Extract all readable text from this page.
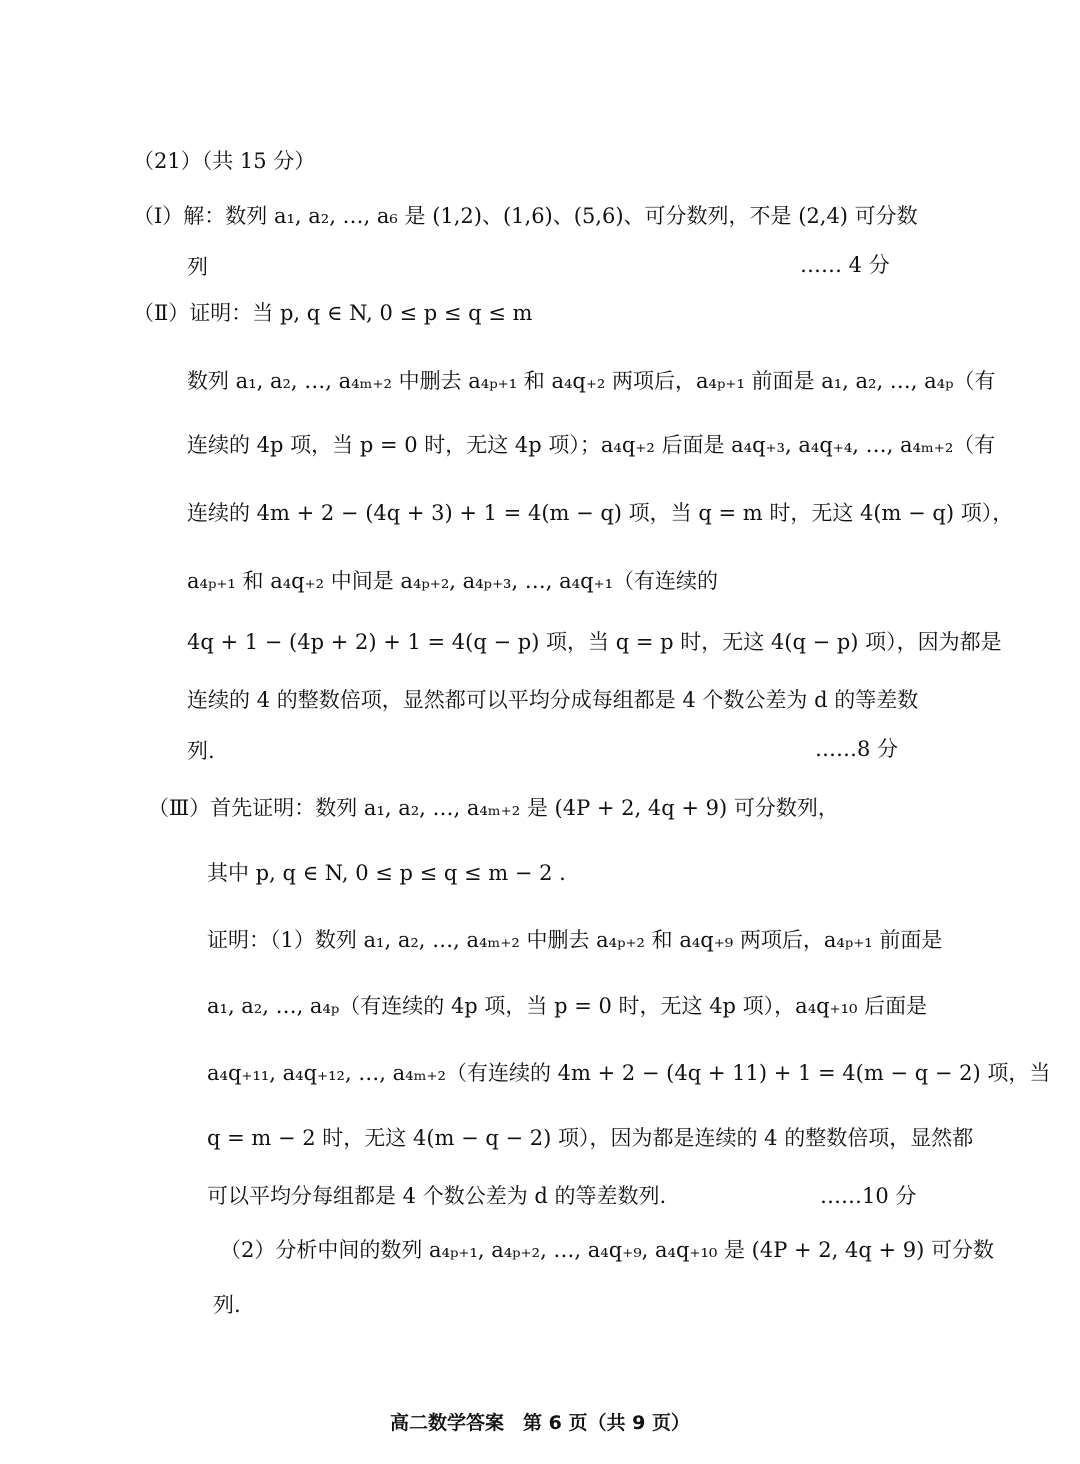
（21）（共 15 分）
（Ⅰ）解：数列 a₁, a₂, …, a₆ 是 (1,2)、(1,6)、(5,6)、可分数列，不是 (2,4) 可分数
列	…… 4 分
（Ⅱ）证明：当 p, q ∈ N, 0 ≤ p ≤ q ≤ m
数列 a₁, a₂, …, a₄ₘ₊₂ 中删去 a₄ₚ₊₁ 和 a₄q₊₂ 两项后，a₄ₚ₊₁ 前面是 a₁, a₂, …, a₄ₚ（有
连续的 4p 项，当 p = 0 时，无这 4p 项）；a₄q₊₂ 后面是 a₄q₊₃, a₄q₊₄, …, a₄ₘ₊₂（有
连续的 4m + 2 − (4q + 3) + 1 = 4(m − q) 项，当 q = m 时，无这 4(m − q) 项），
a₄ₚ₊₁ 和 a₄q₊₂ 中间是 a₄ₚ₊₂, a₄ₚ₊₃, …, a₄q₊₁（有连续的
4q + 1 − (4p + 2) + 1 = 4(q − p) 项，当 q = p 时，无这 4(q − p) 项），因为都是
连续的 4 的整数倍项，显然都可以平均分成每组都是 4 个数公差为 d 的等差数
列.	……8 分
（Ⅲ）首先证明：数列 a₁, a₂, …, a₄ₘ₊₂ 是 (4P + 2, 4q + 9) 可分数列，
其中 p, q ∈ N, 0 ≤ p ≤ q ≤ m − 2 .
证明：（1）数列 a₁, a₂, …, a₄ₘ₊₂ 中删去 a₄ₚ₊₂ 和 a₄q₊₉ 两项后，a₄ₚ₊₁ 前面是
a₁, a₂, …, a₄ₚ（有连续的 4p 项，当 p = 0 时，无这 4p 项），a₄q₊₁₀ 后面是
a₄q₊₁₁, a₄q₊₁₂, …, a₄ₘ₊₂（有连续的 4m + 2 − (4q + 11) + 1 = 4(m − q − 2) 项，当
q = m − 2 时，无这 4(m − q − 2) 项），因为都是连续的 4 的整数倍项，显然都
可以平均分每组都是 4 个数公差为 d 的等差数列.	……10 分
（2）分析中间的数列 a₄ₚ₊₁, a₄ₚ₊₂, …, a₄q₊₉, a₄q₊₁₀ 是 (4P + 2, 4q + 9) 可分数
列.
高二数学答案　第 6 页（共 9 页）
